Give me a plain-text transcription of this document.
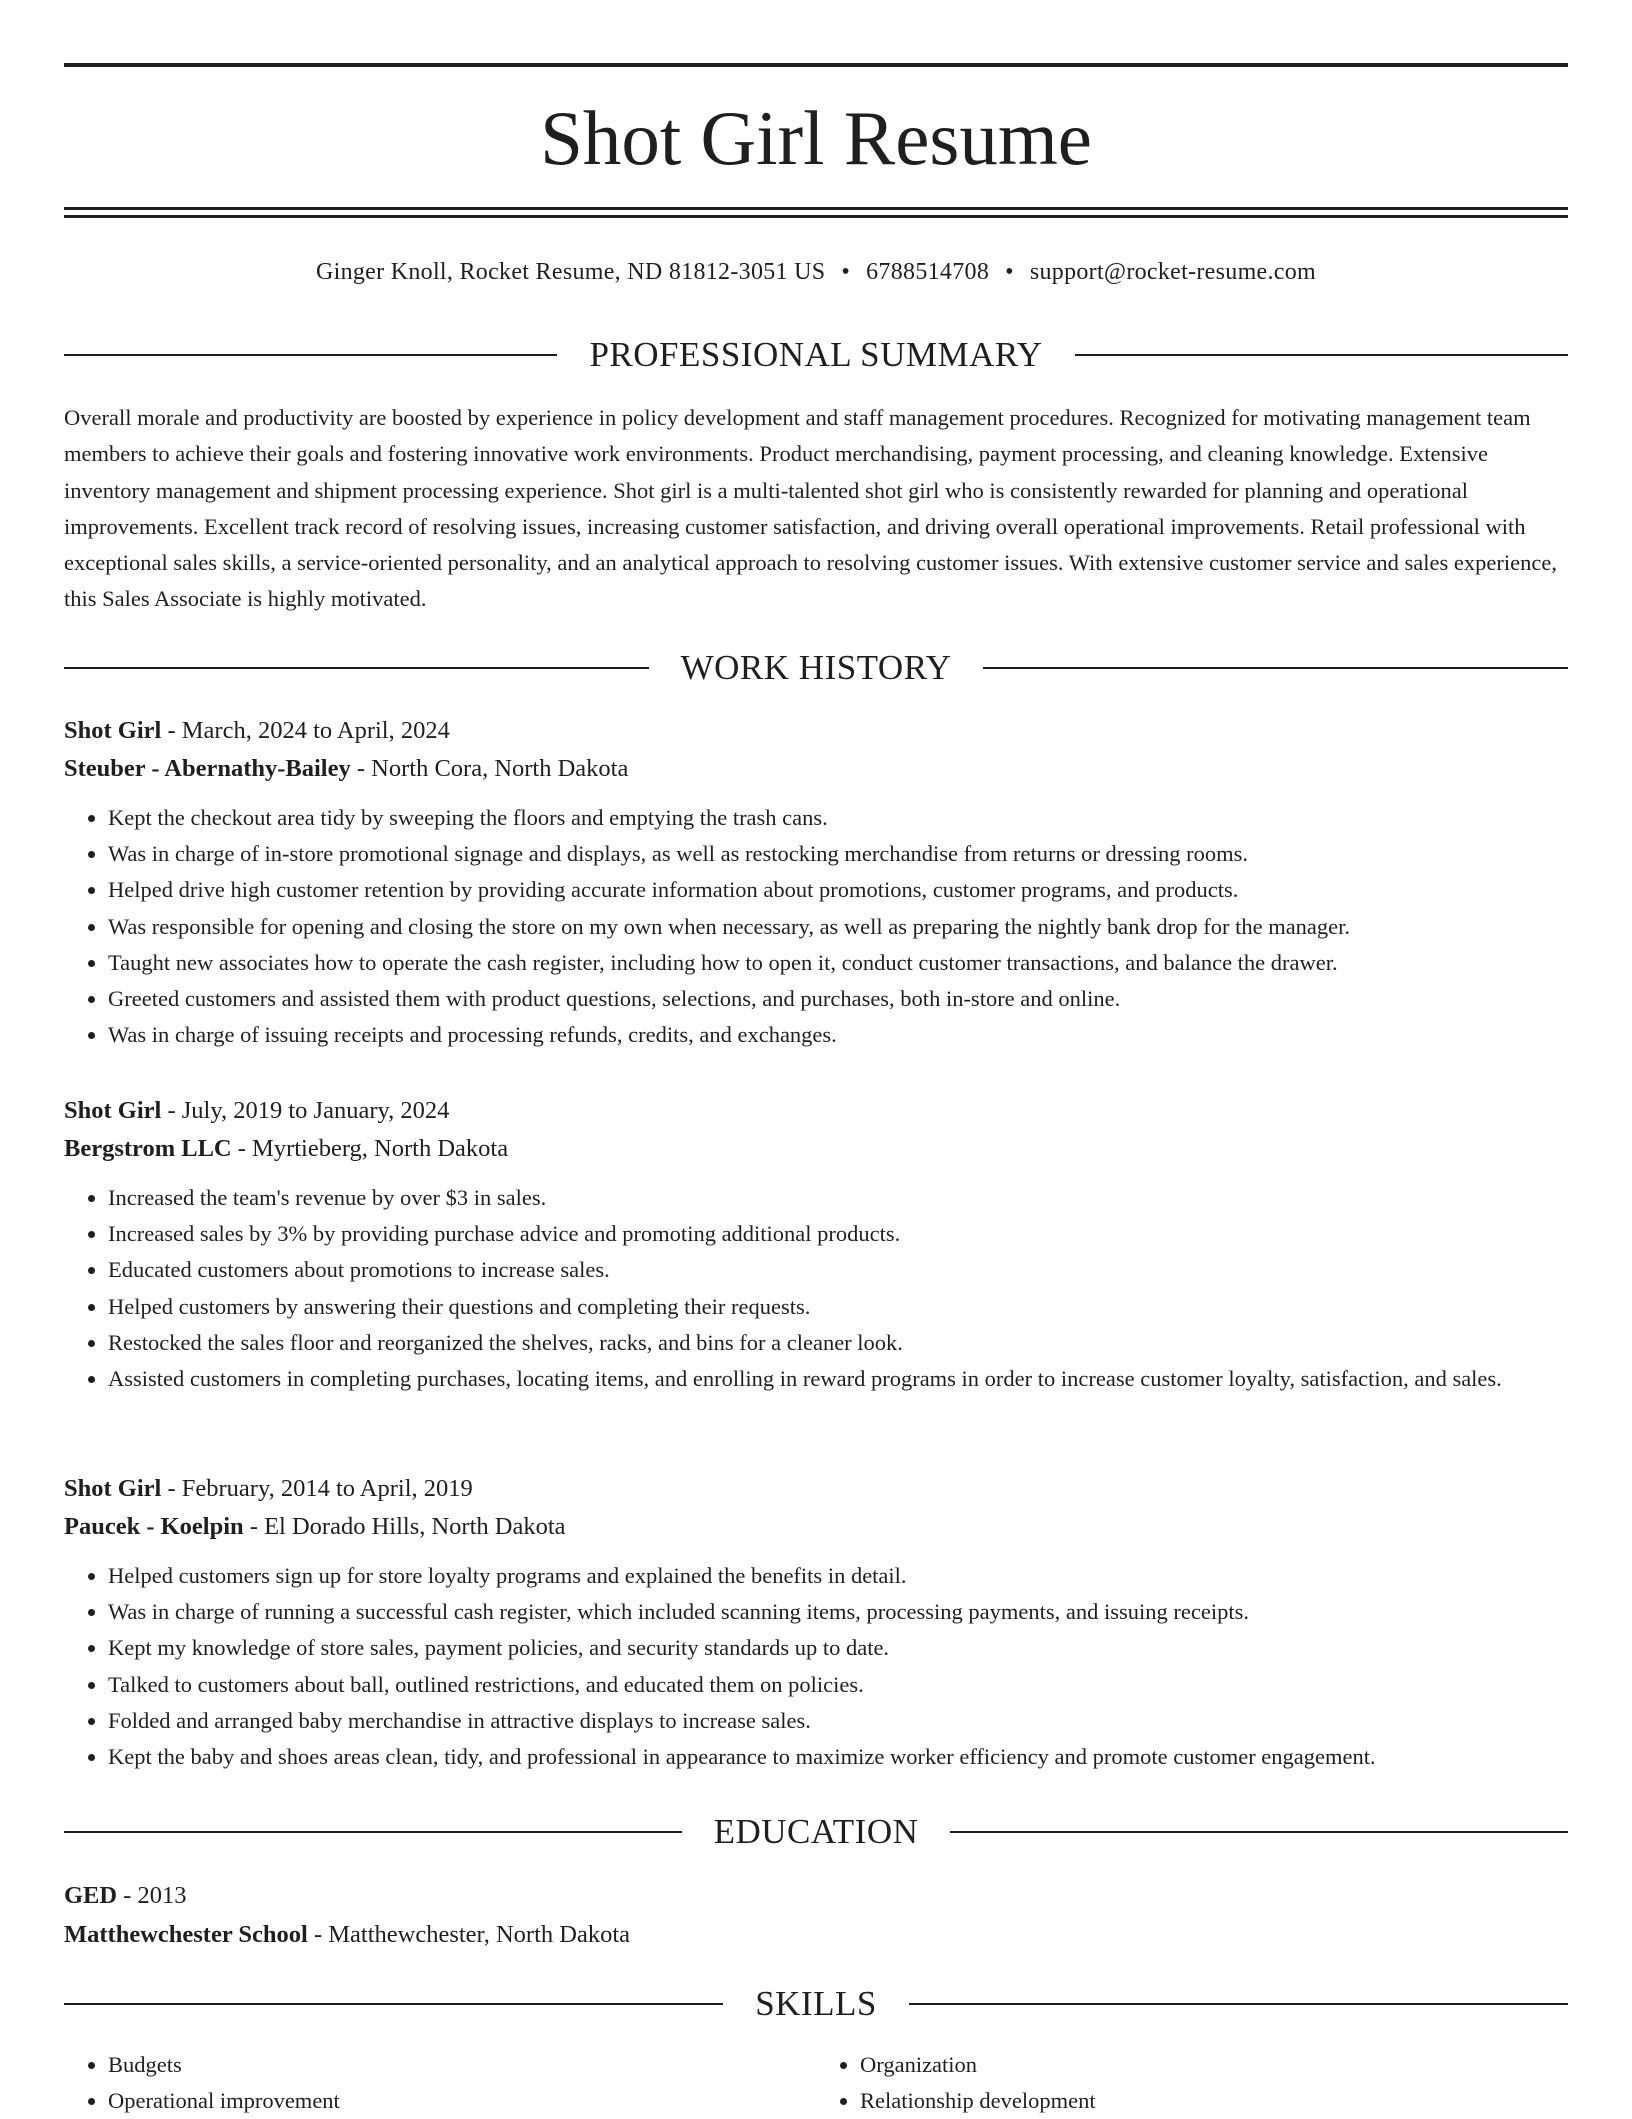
Shot Girl Resume
Ginger Knoll, Rocket Resume, ND 81812-3051 US • 6788514708 • support@rocket-resume.com
PROFESSIONAL SUMMARY

Overall morale and productivity are boosted by experience in policy development and staff management procedures. Recognized for motivating management team members to achieve their goals and fostering innovative work environments. Product merchandising, payment processing, and cleaning knowledge. Extensive inventory management and shipment processing experience. Shot girl is a multi-talented shot girl who is consistently rewarded for planning and operational improvements. Excellent track record of resolving issues, increasing customer satisfaction, and driving overall operational improvements. Retail professional with exceptional sales skills, a service-oriented personality, and an analytical approach to resolving customer issues. With extensive customer service and sales experience, this Sales Associate is highly motivated.

WORK HISTORY
Shot Girl - March, 2024 to April, 2024
Steuber - Abernathy-Bailey - North Cora, North Dakota
• Kept the checkout area tidy by sweeping the floors and emptying the trash cans.
• Was in charge of in-store promotional signage and displays, as well as restocking merchandise from returns or dressing rooms.
• Helped drive high customer retention by providing accurate information about promotions, customer programs, and products.
• Was responsible for opening and closing the store on my own when necessary, as well as preparing the nightly bank drop for the manager.
• Taught new associates how to operate the cash register, including how to open it, conduct customer transactions, and balance the drawer.
• Greeted customers and assisted them with product questions, selections, and purchases, both in-store and online.
• Was in charge of issuing receipts and processing refunds, credits, and exchanges.
Shot Girl - July, 2019 to January, 2024
Bergstrom LLC - Myrtieberg, North Dakota
• Increased the team's revenue by over $3 in sales.
• Increased sales by 3% by providing purchase advice and promoting additional products.
• Educated customers about promotions to increase sales.
• Helped customers by answering their questions and completing their requests.
• Restocked the sales floor and reorganized the shelves, racks, and bins for a cleaner look.
• Assisted customers in completing purchases, locating items, and enrolling in reward programs in order to increase customer loyalty, satisfaction, and sales.
Shot Girl - February, 2014 to April, 2019
Paucek - Koelpin - El Dorado Hills, North Dakota
• Helped customers sign up for store loyalty programs and explained the benefits in detail.
• Was in charge of running a successful cash register, which included scanning items, processing payments, and issuing receipts.
• Kept my knowledge of store sales, payment policies, and security standards up to date.
• Talked to customers about ball, outlined restrictions, and educated them on policies.
• Folded and arranged baby merchandise in attractive displays to increase sales.
• Kept the baby and shoes areas clean, tidy, and professional in appearance to maximize worker efficiency and promote customer engagement.
EDUCATION
GED - 2013
Matthewchester School - Matthewchester, North Dakota
SKILLS
• Budgets
• Operational improvement
• Organization
• Relationship development
